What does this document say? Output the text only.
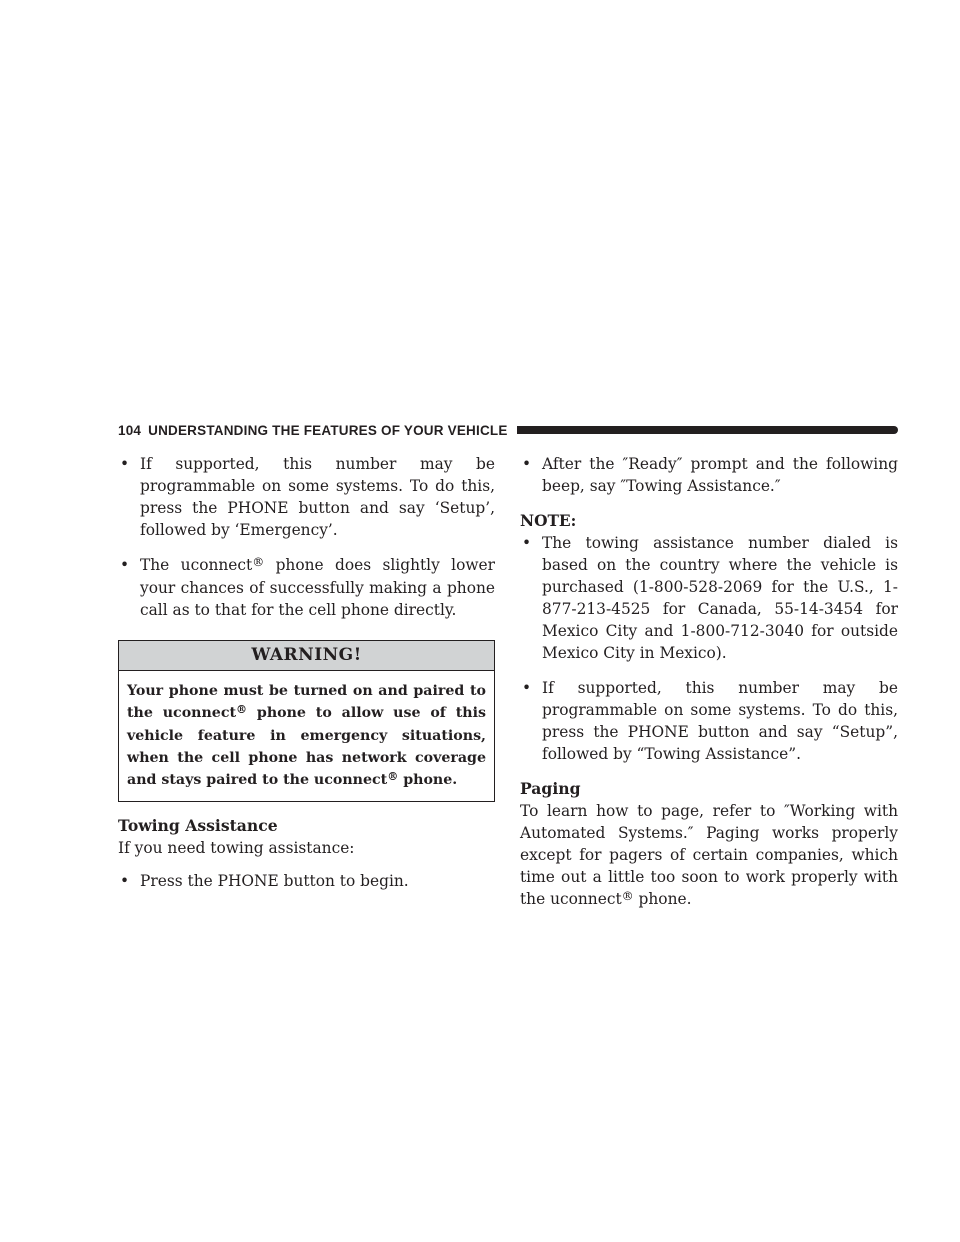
104 UNDERSTANDING THE FEATURES OF YOUR VEHICLE

• If supported, this number may be programmable on some systems. To do this, press the PHONE button and say ‘Setup’, followed by ‘Emergency’.

• The uconnect® phone does slightly lower your chances of successfully making a phone call as to that for the cell phone directly.

WARNING!
Your phone must be turned on and paired to the uconnect® phone to allow use of this vehicle feature in emergency situations, when the cell phone has network coverage and stays paired to the uconnect® phone.

Towing Assistance

If you need towing assistance:

• Press the PHONE button to begin.

• After the ″Ready″ prompt and the following beep, say ″Towing Assistance.″

NOTE:

• The towing assistance number dialed is based on the country where the vehicle is purchased (1-800-528-2069 for the U.S., 1-877-213-4525 for Canada, 55-14-3454 for Mexico City and 1-800-712-3040 for outside Mexico City in Mexico).

• If supported, this number may be programmable on some systems. To do this, press the PHONE button and say “Setup”, followed by “Towing Assistance”.

Paging

To learn how to page, refer to ″Working with Automated Systems.″ Paging works properly except for pagers of certain companies, which time out a little too soon to work properly with the uconnect® phone.
